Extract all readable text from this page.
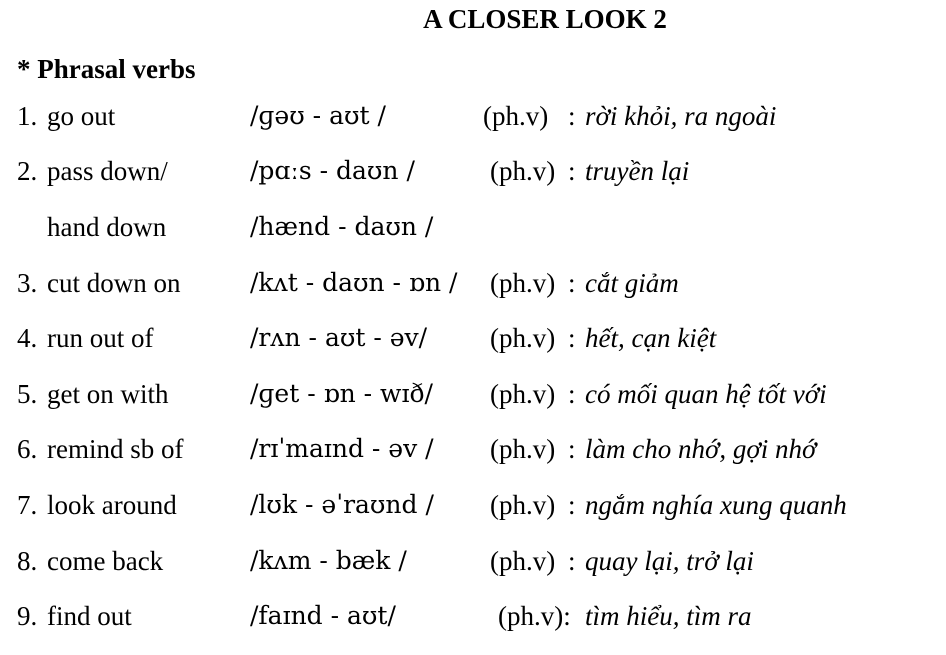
A CLOSER LOOK 2
* Phrasal verbs
1. go out	/ɡəʊ - aʊt /	(ph.v) : rời khỏi, ra ngoài
2. pass down/	/pɑːs - daʊn /	(ph.v) : truyền lại
hand down	/hænd - daʊn /
3. cut down on	/kʌt - daʊn - ɒn / (ph.v) : cắt giảm
4. run out of	/rʌn - aʊt - əv/ (ph.v) : hết, cạn kiệt
5. get on with	/ɡet - ɒn - wɪð/ (ph.v) : có mối quan hệ tốt với
6. remind sb of	/rɪˈmaɪnd - əv / (ph.v) : làm cho nhớ, gợi nhớ
7. look around	/lʊk - əˈraʊnd / (ph.v) : ngắm nghía xung quanh
8. come back	/kʌm - bæk /	(ph.v) : quay lại, trở lại
9. find out	/faɪnd - aʊt/	(ph.v): tìm hiểu, tìm ra
